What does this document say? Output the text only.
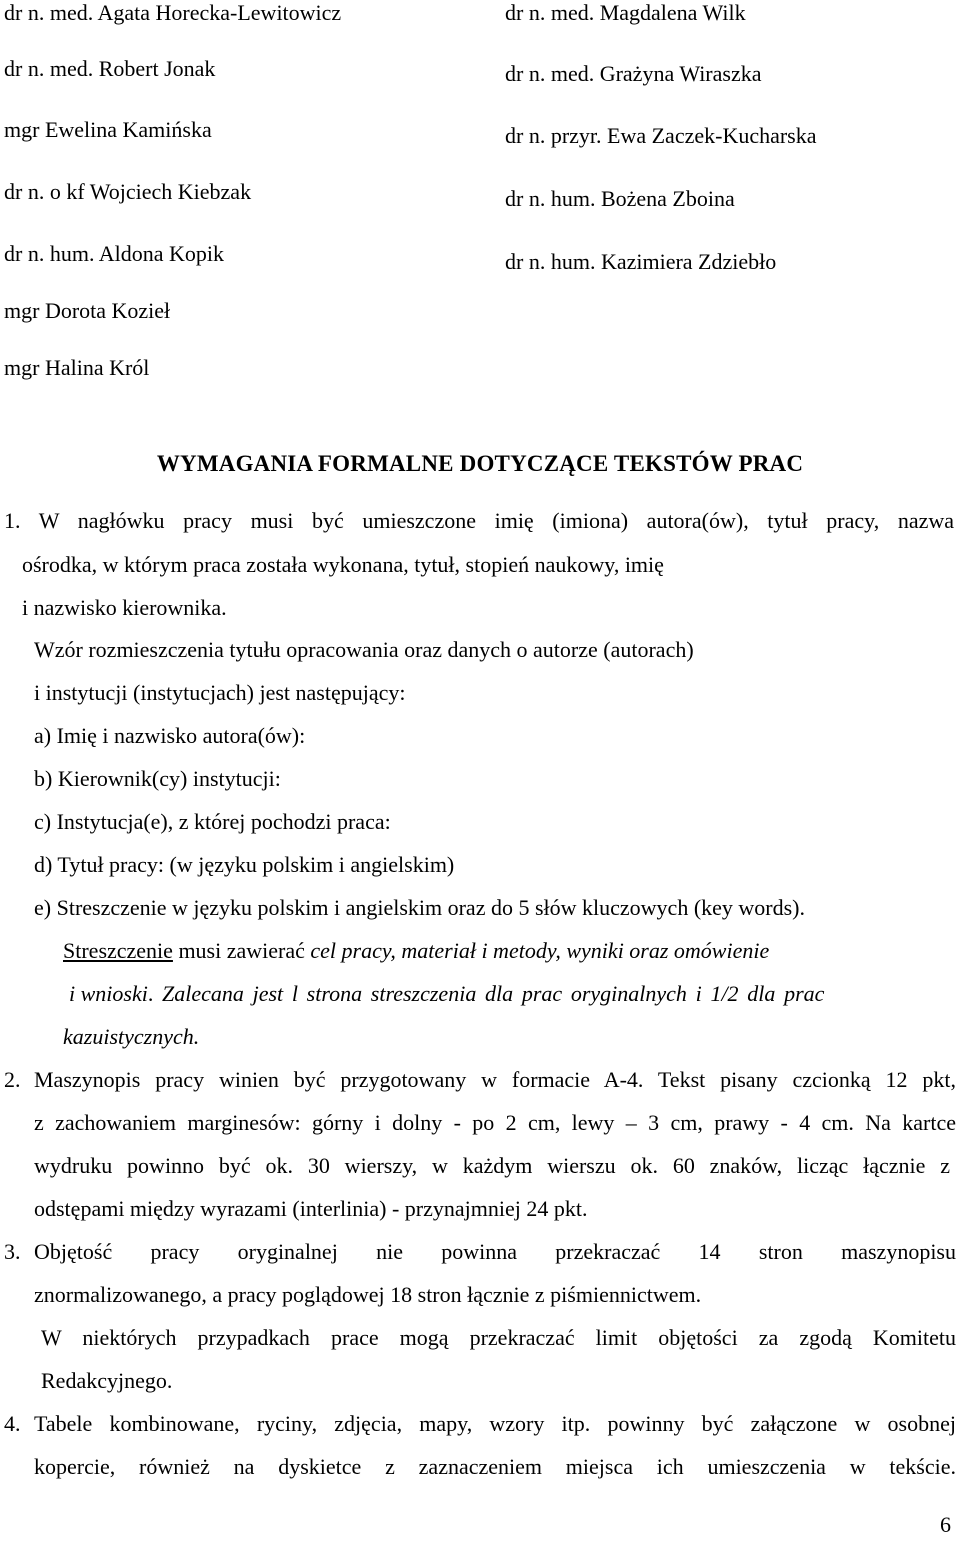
dr n. med. Agata Horecka-Lewitowicz
dr n. med. Robert Jonak
mgr Ewelina Kamińska
dr n. o kf Wojciech Kiebzak
dr n. hum. Aldona Kopik
mgr Dorota Kozieł
mgr Halina Król
dr n. med. Magdalena Wilk
dr n. med. Grażyna Wiraszka
dr n. przyr. Ewa Zaczek-Kucharska
dr n. hum. Bożena Zboina
dr n. hum. Kazimiera Zdziebło
WYMAGANIA FORMALNE DOTYCZĄCE TEKSTÓW PRAC
1. W nagłówku pracy musi być umieszczone imię (imiona) autora(ów), tytuł pracy, nazwa
ośrodka, w którym praca została wykonana, tytuł, stopień naukowy, imię
i nazwisko kierownika.
Wzór rozmieszczenia tytułu opracowania oraz danych o autorze (autorach)
i instytucji (instytucjach) jest następujący:
a) Imię i nazwisko autora(ów):
b) Kierownik(cy) instytucji:
c) Instytucja(e), z której pochodzi praca:
d) Tytuł pracy: (w języku polskim i angielskim)
e) Streszczenie w języku polskim i angielskim oraz do 5 słów kluczowych (key words).
Streszczenie musi zawierać cel pracy, materiał i metody, wyniki oraz omówienie
i wnioski. Zalecana jest l strona streszczenia dla prac oryginalnych i 1/2 dla prac
kazuistycznych.
2. Maszynopis pracy winien być przygotowany w formacie A-4. Tekst pisany czcionką 12 pkt,
z zachowaniem marginesów: górny i dolny - po 2 cm, lewy – 3 cm, prawy - 4 cm. Na kartce
wydruku powinno być ok. 30 wierszy, w każdym wierszu ok. 60 znaków, licząc łącznie z
odstępami między wyrazami (interlinia) - przynajmniej 24 pkt.
3. Objętość pracy oryginalnej nie powinna przekraczać 14 stron maszynopisu
znormalizowanego, a pracy poglądowej 18 stron łącznie z piśmiennictwem.
W niektórych przypadkach prace mogą przekraczać limit objętości za zgodą Komitetu
Redakcyjnego.
4. Tabele kombinowane, ryciny, zdjęcia, mapy, wzory itp. powinny być załączone w osobnej
kopercie, również na dyskietce z zaznaczeniem miejsca ich umieszczenia w tekście.
6
